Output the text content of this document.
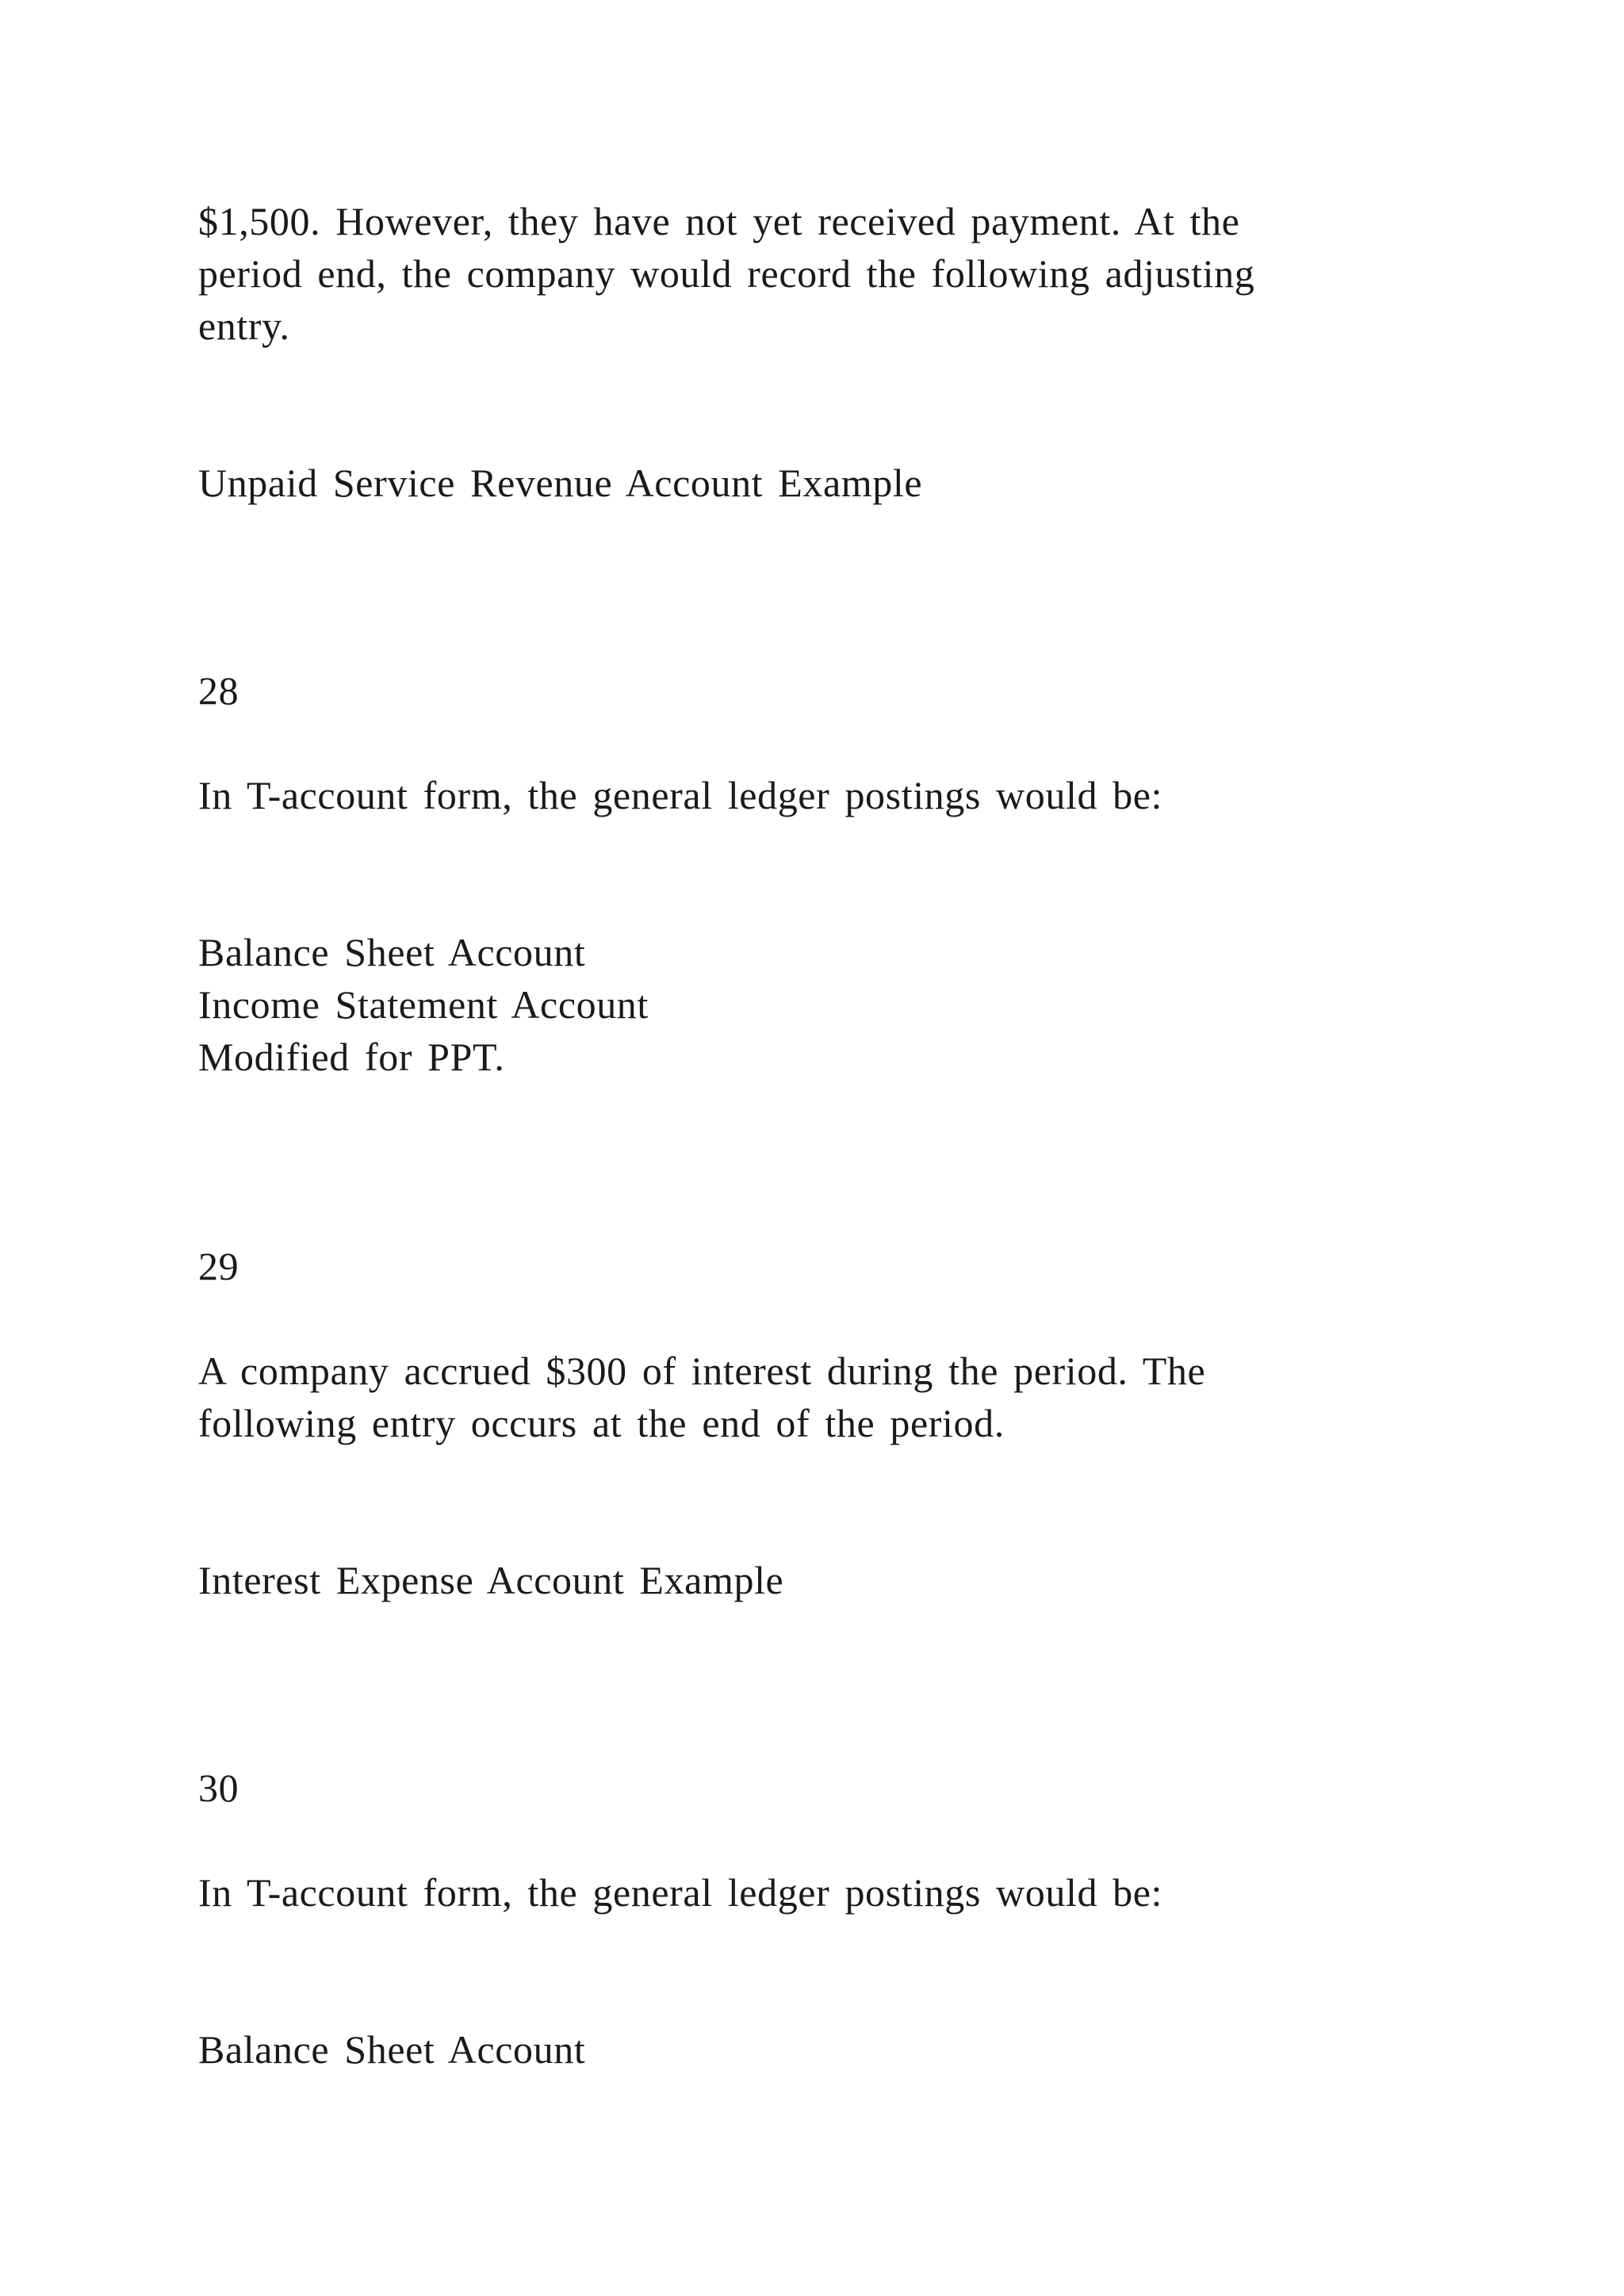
$1,500. However, they have not yet received payment. At the

period end, the company would record the following adjusting

entry.

Unpaid Service Revenue Account Example

28

In T-account form, the general ledger postings would be:

Balance Sheet Account

Income Statement Account

Modified for PPT.

29

A company accrued $300 of interest during the period. The

following entry occurs at the end of the period.

Interest Expense Account Example

30

In T-account form, the general ledger postings would be:

Balance Sheet Account
